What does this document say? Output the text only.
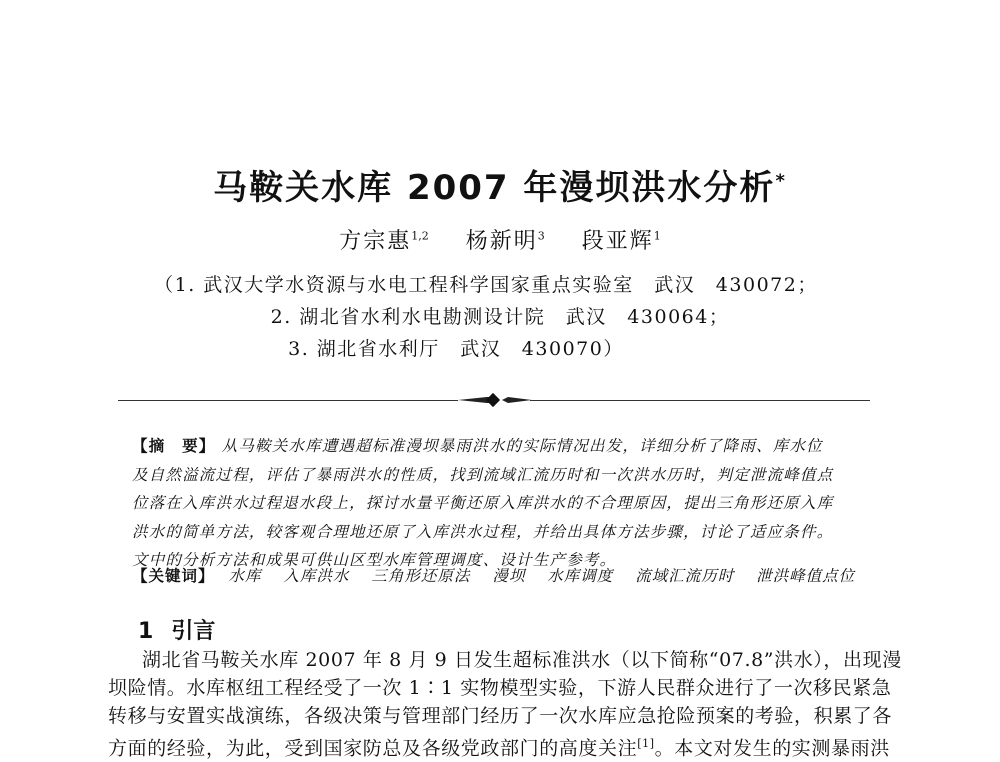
马鞍关水库 2007 年漫坝洪水分析*
方宗惠$^{1,2}$ 杨新明$^3$ 段亚辉$^1$
（1. 武汉大学水资源与水电工程科学国家重点实验室　武汉　430072；
2. 湖北省水利水电勘测设计院　武汉　430064；
3. 湖北省水利厅　武汉　430070）
【摘　要】 从马鞍关水库遭遇超标准漫坝暴雨洪水的实际情况出发，详细分析了降雨、库水位
及自然溢流过程，评估了暴雨洪水的性质，找到流域汇流历时和一次洪水历时，判定泄流峰值点
位落在入库洪水过程退水段上，探讨水量平衡还原入库洪水的不合理原因，提出三角形还原入库
洪水的简单方法，较客观合理地还原了入库洪水过程，并给出具体方法步骤，讨论了适应条件。
文中的分析方法和成果可供山区型水库管理调度、设计生产参考。
【关键词】 水库 入库洪水 三角形还原法 漫坝 水库调度 流域汇流历时 泄洪峰值点位
1 引言
湖北省马鞍关水库 2007 年 8 月 9 日发生超标准洪水（以下简称“07.8”洪水），出现漫
坝险情。水库枢纽工程经受了一次 1∶1 实物模型实验，下游人民群众进行了一次移民紧急
转移与安置实战演练，各级决策与管理部门经历了一次水库应急抢险预案的考验，积累了各
方面的经验，为此，受到国家防总及各级党政部门的高度关注[1]。本文对发生的实测暴雨洪
